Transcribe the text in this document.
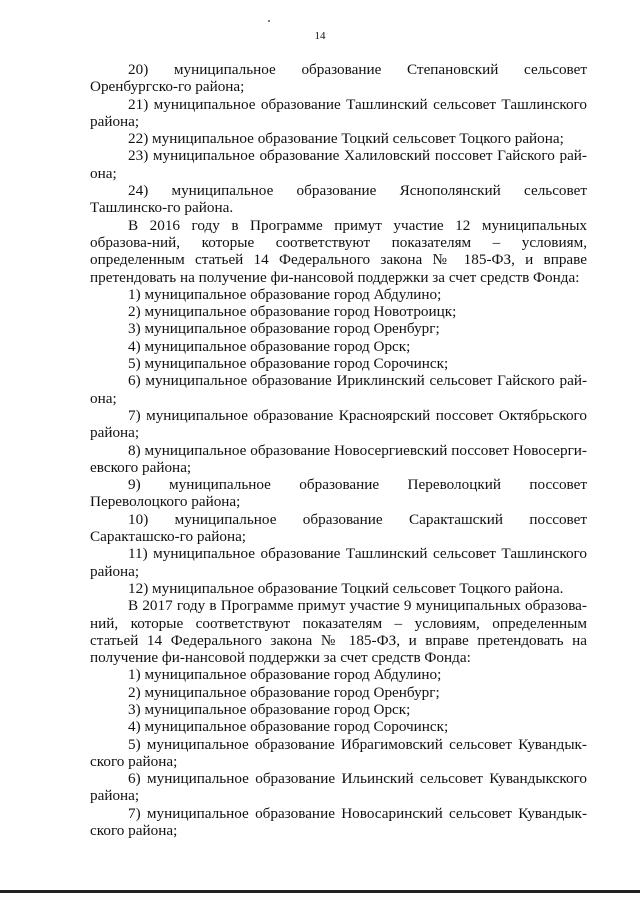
14

20) муниципальное образование Степановский сельсовет Оренбургско-го района;

21) муниципальное образование Ташлинский сельсовет Ташлинского района;

22) муниципальное образование Тоцкий сельсовет Тоцкого района;

23) муниципальное образование Халиловский поссовет Гайского рай-она;

24) муниципальное образование Яснополянский сельсовет Ташлинско-го района.

В 2016 году в Программе примут участие 12 муниципальных образова-ний, которые соответствуют показателям – условиям, определенным статьей 14 Федерального закона № 185-ФЗ, и вправе претендовать на получение фи-нансовой поддержки за счет средств Фонда:

1) муниципальное образование город Абдулино;

2) муниципальное образование город Новотроицк;

3) муниципальное образование город Оренбург;

4) муниципальное образование город Орск;

5) муниципальное образование город Сорочинск;

6) муниципальное образование Ириклинский сельсовет Гайского рай-она;

7) муниципальное образование Красноярский поссовет Октябрьского района;

8) муниципальное образование Новосергиевский поссовет Новосерги-евского района;

9) муниципальное образование Переволоцкий поссовет Переволоцкого района;

10) муниципальное образование Саракташский поссовет Саракташско-го района;

11) муниципальное образование Ташлинский сельсовет Ташлинского района;

12) муниципальное образование Тоцкий сельсовет Тоцкого района.

В 2017 году в Программе примут участие 9 муниципальных образова-ний, которые соответствуют показателям – условиям, определенным статьей 14 Федерального закона № 185-ФЗ, и вправе претендовать на получение фи-нансовой поддержки за счет средств Фонда:

1) муниципальное образование город Абдулино;

2) муниципальное образование город Оренбург;

3) муниципальное образование город Орск;

4) муниципальное образование город Сорочинск;

5) муниципальное образование Ибрагимовский сельсовет Кувандык-ского района;

6) муниципальное образование Ильинский сельсовет Кувандыкского района;

7) муниципальное образование Новосаринский сельсовет Кувандык-ского района;
